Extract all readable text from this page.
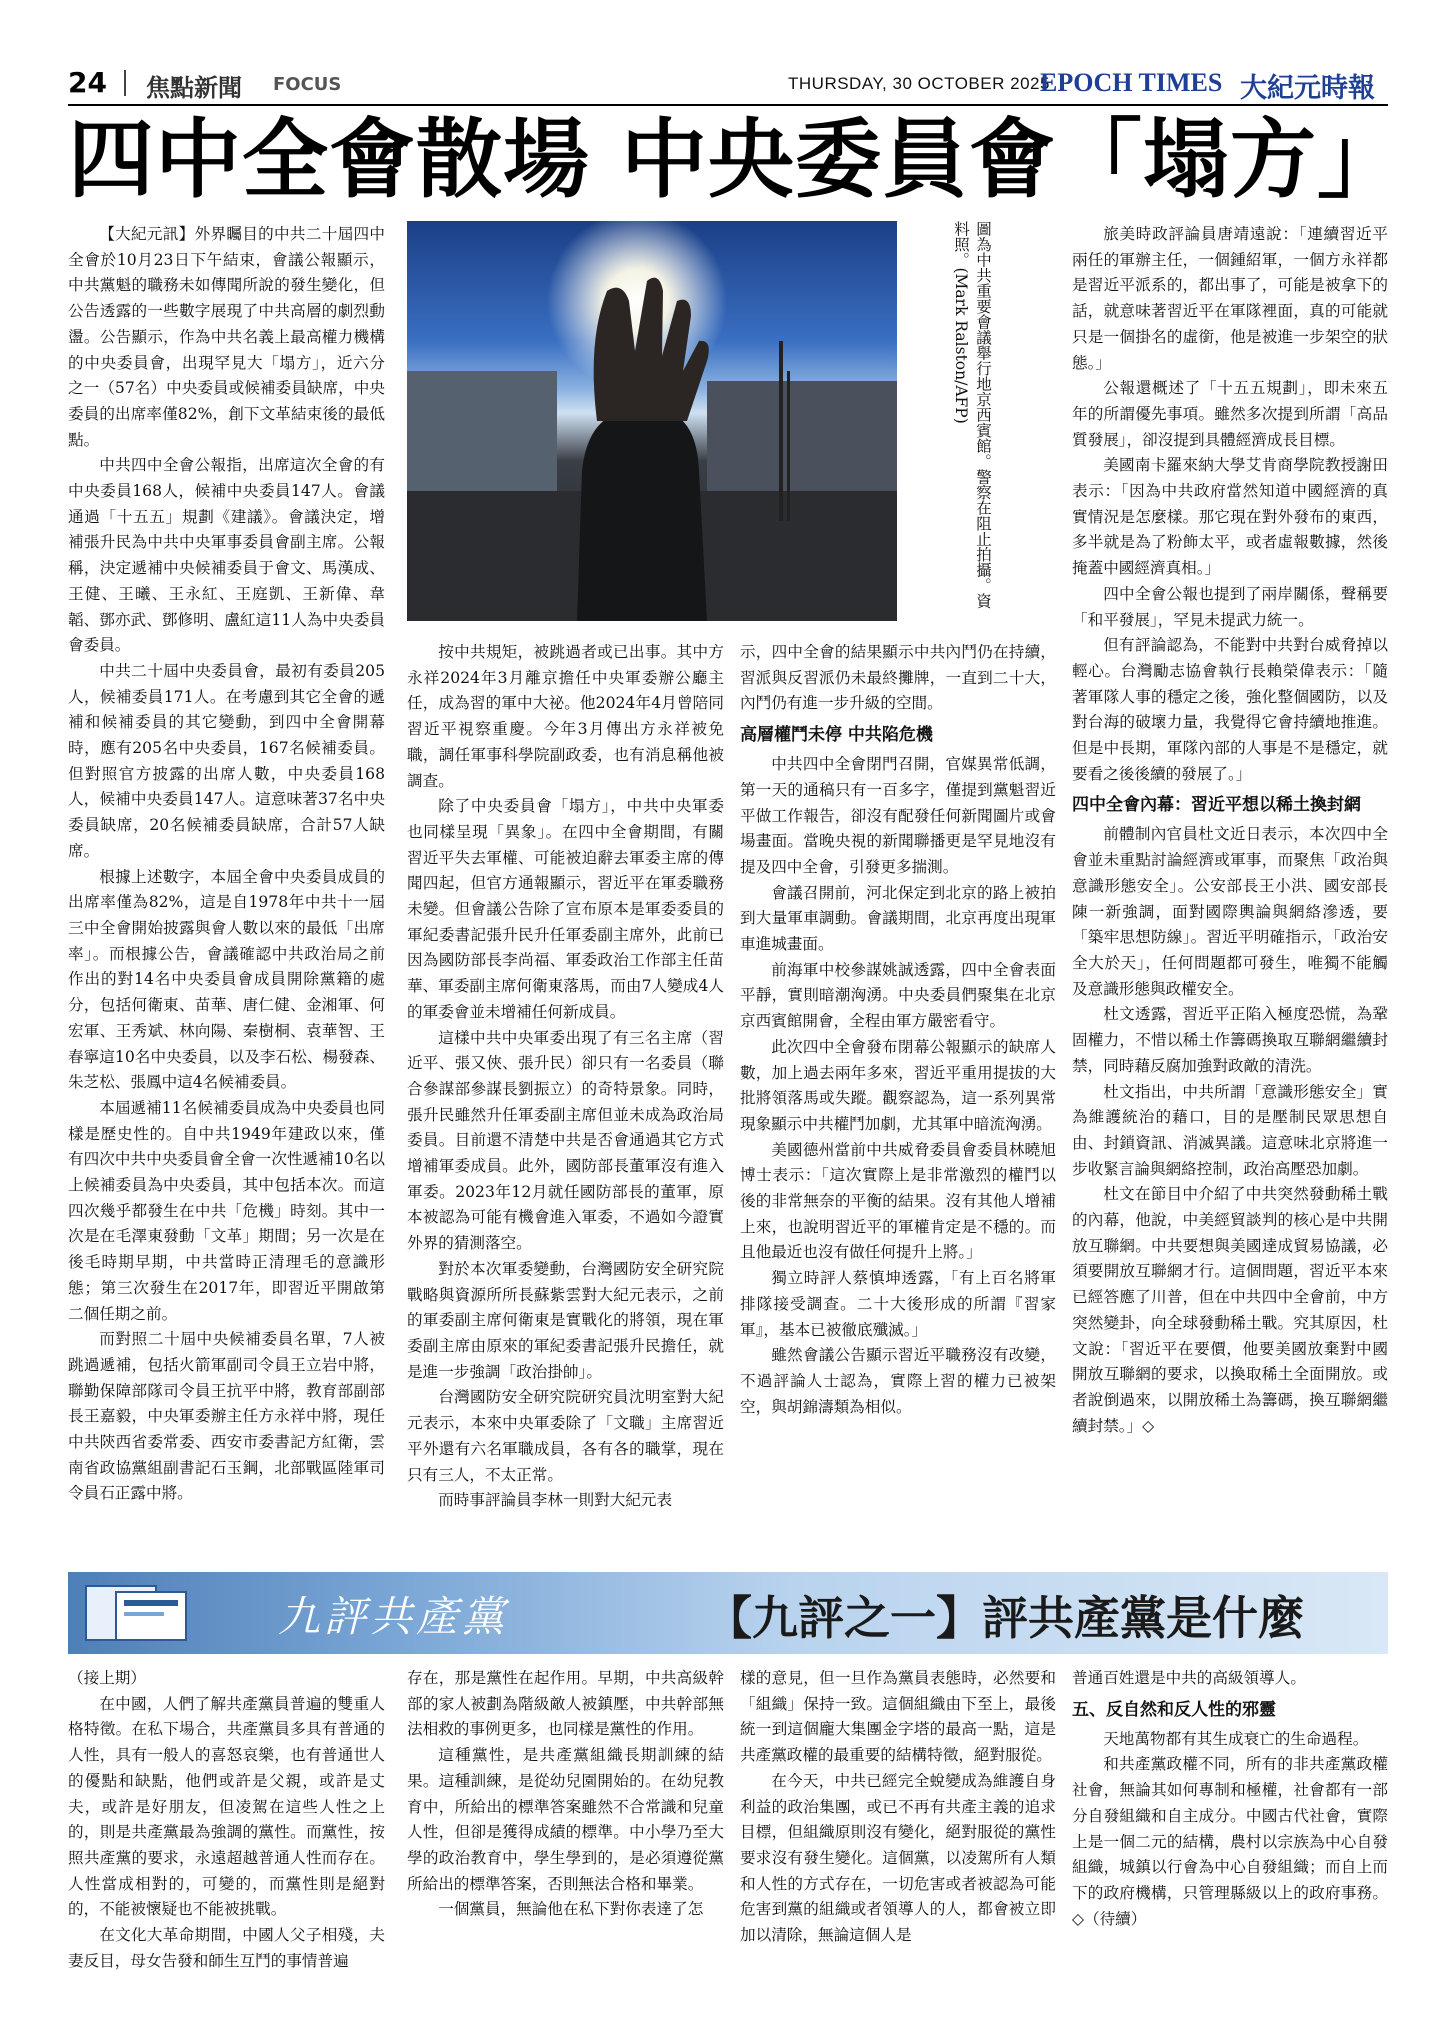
24 焦點新聞 FOCUS	THURSDAY, 30 OCTOBER 2025
EPOCH TIMES 大紀元時報
四中全會散場 中央委員會「塌方」

【大紀元訊】外界矚目的中共二十屆四中全會於10月23日下午結束，會議公報顯示，中共黨魁的職務未如傳聞所說的發生變化，但公告透露的一些數字展現了中共高層的劇烈動盪。公告顯示，作為中共名義上最高權力機構的中央委員會，出現罕見大「塌方」，近六分之一（57名）中央委員或候補委員缺席，中央委員的出席率僅82%，創下文革結束後的最低點。

中共四中全會公報指，出席這次全會的有中央委員168人，候補中央委員147人。會議通過「十五五」規劃《建議》。會議決定，增補張升民為中共中央軍事委員會副主席。公報稱，決定遞補中央候補委員于會文、馬漢成、王健、王曦、王永紅、王庭凱、王新偉、韋韜、鄧亦武、鄧修明、盧紅這11人為中央委員會委員。

中共二十屆中央委員會，最初有委員205人，候補委員171人。在考慮到其它全會的遞補和候補委員的其它變動，到四中全會開幕時，應有205名中央委員，167名候補委員。但對照官方披露的出席人數，中央委員168人，候補中央委員147人。這意味著37名中央委員缺席，20名候補委員缺席，合計57人缺席。

根據上述數字，本屆全會中央委員成員的出席率僅為82%，這是自1978年中共十一屆三中全會開始披露與會人數以來的最低「出席率」。而根據公告，會議確認中共政治局之前作出的對14名中央委員會成員開除黨籍的處分，包括何衛東、苗華、唐仁健、金湘軍、何宏軍、王秀斌、林向陽、秦樹桐、袁華智、王春寧這10名中央委員，以及李石松、楊發森、朱芝松、張鳳中這4名候補委員。

本屆遞補11名候補委員成為中央委員也同樣是歷史性的。自中共1949年建政以來，僅有四次中共中央委員會全會一次性遞補10名以上候補委員為中央委員，其中包括本次。而這四次幾乎都發生在中共「危機」時刻。其中一次是在毛澤東發動「文革」期間；另一次是在後毛時期早期，中共當時正清理毛的意識形態；第三次發生在2017年，即習近平開啟第二個任期之前。

而對照二十屆中央候補委員名單，7人被跳過遞補，包括火箭軍副司令員王立岩中將，聯勤保障部隊司令員王抗平中將，教育部副部長王嘉毅，中央軍委辦主任方永祥中將，現任中共陝西省委常委、西安市委書記方紅衛，雲南省政協黨組副書記石玉鋼，北部戰區陸軍司令員石正露中將。

圖為中共重要會議舉行地京西賓館。警察在阻止拍攝。資料照。(Mark Ralston/AFP)

按中共規矩，被跳過者或已出事。其中方永祥2024年3月離京擔任中央軍委辦公廳主任，成為習的軍中大祕。他2024年4月曾陪同習近平視察重慶。今年3月傳出方永祥被免職，調任軍事科學院副政委，也有消息稱他被調查。

除了中央委員會「塌方」，中共中央軍委也同樣呈現「異象」。在四中全會期間，有關習近平失去軍權、可能被迫辭去軍委主席的傳聞四起，但官方通報顯示，習近平在軍委職務未變。但會議公告除了宣布原本是軍委委員的軍紀委書記張升民升任軍委副主席外，此前已因為國防部長李尚福、軍委政治工作部主任苗華、軍委副主席何衛東落馬，而由7人變成4人的軍委會並未增補任何新成員。

這樣中共中央軍委出現了有三名主席（習近平、張又俠、張升民）卻只有一名委員（聯合參謀部參謀長劉振立）的奇特景象。同時，張升民雖然升任軍委副主席但並未成為政治局委員。目前還不清楚中共是否會通過其它方式增補軍委成員。此外，國防部長董軍沒有進入軍委。2023年12月就任國防部長的董軍，原本被認為可能有機會進入軍委，不過如今證實外界的猜測落空。

對於本次軍委變動，台灣國防安全研究院戰略與資源所所長蘇紫雲對大紀元表示，之前的軍委副主席何衛東是實戰化的將領，現在軍委副主席由原來的軍紀委書記張升民擔任，就是進一步強調「政治掛帥」。

台灣國防安全研究院研究員沈明室對大紀元表示，本來中央軍委除了「文職」主席習近平外還有六名軍職成員，各有各的職掌，現在只有三人，不太正常。

而時事評論員李林一則對大紀元表

示，四中全會的結果顯示中共內鬥仍在持續，習派與反習派仍未最終攤牌，一直到二十大，內鬥仍有進一步升級的空間。

高層權鬥未停 中共陷危機

中共四中全會閉門召開，官媒異常低調，第一天的通稿只有一百多字，僅提到黨魁習近平做工作報告，卻沒有配發任何新聞圖片或會場畫面。當晚央視的新聞聯播更是罕見地沒有提及四中全會，引發更多揣測。

會議召開前，河北保定到北京的路上被拍到大量軍車調動。會議期間，北京再度出現軍車進城畫面。

前海軍中校參謀姚誠透露，四中全會表面平靜，實則暗潮洶湧。中央委員們聚集在北京京西賓館開會，全程由軍方嚴密看守。

此次四中全會發布閉幕公報顯示的缺席人數，加上過去兩年多來，習近平重用提拔的大批將領落馬或失蹤。觀察認為，這一系列異常現象顯示中共權鬥加劇，尤其軍中暗流洶湧。

美國德州當前中共威脅委員會委員林曉旭博士表示：「這次實際上是非常激烈的權鬥以後的非常無奈的平衡的結果。沒有其他人增補上來，也說明習近平的軍權肯定是不穩的。而且他最近也沒有做任何提升上將。」

獨立時評人蔡慎坤透露，「有上百名將軍排隊接受調查。二十大後形成的所謂『習家軍』，基本已被徹底殲滅。」

雖然會議公告顯示習近平職務沒有改變，不過評論人士認為，實際上習的權力已被架空，與胡錦濤類為相似。

旅美時政評論員唐靖遠說：「連續習近平兩任的軍辦主任，一個鍾紹軍，一個方永祥都是習近平派系的，都出事了，可能是被拿下的話，就意味著習近平在軍隊裡面，真的可能就只是一個掛名的虛銜，他是被進一步架空的狀態。」

公報還概述了「十五五規劃」，即未來五年的所謂優先事項。雖然多次提到所謂「高品質發展」，卻沒提到具體經濟成長目標。

美國南卡羅來納大學艾肯商學院教授謝田表示：「因為中共政府當然知道中國經濟的真實情況是怎麼樣。那它現在對外發布的東西，多半就是為了粉飾太平，或者虛報數據，然後掩蓋中國經濟真相。」

四中全會公報也提到了兩岸關係，聲稱要「和平發展」，罕見未提武力統一。

但有評論認為，不能對中共對台威脅掉以輕心。台灣勵志協會執行長賴榮偉表示：「隨著軍隊人事的穩定之後，強化整個國防，以及對台海的破壞力量，我覺得它會持續地推進。但是中長期，軍隊內部的人事是不是穩定，就要看之後後續的發展了。」

四中全會內幕：習近平想以稀土換封網

前體制內官員杜文近日表示，本次四中全會並未重點討論經濟或軍事，而聚焦「政治與意識形態安全」。公安部長王小洪、國安部長陳一新強調，面對國際輿論與網絡滲透，要「築牢思想防線」。習近平明確指示，「政治安全大於天」，任何問題都可發生，唯獨不能觸及意識形態與政權安全。

杜文透露，習近平正陷入極度恐慌，為鞏固權力，不惜以稀土作籌碼換取互聯網繼續封禁，同時藉反腐加強對政敵的清洗。

杜文指出，中共所謂「意識形態安全」實為維護統治的藉口，目的是壓制民眾思想自由、封鎖資訊、消滅異議。這意味北京將進一步收緊言論與網絡控制，政治高壓恐加劇。

杜文在節目中介紹了中共突然發動稀土戰的內幕，他說，中美經貿談判的核心是中共開放互聯網。中共要想與美國達成貿易協議，必須要開放互聯網才行。這個問題，習近平本來已經答應了川普，但在中共四中全會前，中方突然變卦，向全球發動稀土戰。究其原因，杜文說：「習近平在要價，他要美國放棄對中國開放互聯網的要求，以換取稀土全面開放。或者說倒過來，以開放稀土為籌碼，換互聯網繼續封禁。」◇

九評共產黨	【九評之一】評共產黨是什麼

（接上期）

在中國，人們了解共產黨員普遍的雙重人格特徵。在私下場合，共產黨員多具有普通的人性，具有一般人的喜怒哀樂，也有普通世人的優點和缺點，他們或許是父親，或許是丈夫，或許是好朋友，但凌駕在這些人性之上的，則是共產黨最為強調的黨性。而黨性，按照共產黨的要求，永遠超越普通人性而存在。人性當成相對的，可變的，而黨性則是絕對的，不能被懷疑也不能被挑戰。

在文化大革命期間，中國人父子相殘，夫妻反目，母女告發和師生互鬥的事情普遍

存在，那是黨性在起作用。早期，中共高級幹部的家人被劃為階級敵人被鎮壓，中共幹部無法相救的事例更多，也同樣是黨性的作用。

這種黨性，是共產黨組織長期訓練的結果。這種訓練，是從幼兒園開始的。在幼兒教育中，所給出的標準答案雖然不合常識和兒童人性，但卻是獲得成績的標準。中小學乃至大學的政治教育中，學生學到的，是必須遵從黨所給出的標準答案，否則無法合格和畢業。

一個黨員，無論他在私下對你表達了怎

樣的意見，但一旦作為黨員表態時，必然要和「組織」保持一致。這個組織由下至上，最後統一到這個龐大集團金字塔的最高一點，這是共產黨政權的最重要的結構特徵，絕對服從。

在今天，中共已經完全蛻變成為維護自身利益的政治集團，或已不再有共產主義的追求目標，但組織原則沒有變化，絕對服從的黨性要求沒有發生變化。這個黨，以凌駕所有人類和人性的方式存在，一切危害或者被認為可能危害到黨的組織或者領導人的人，都會被立即加以清除，無論這個人是

普通百姓還是中共的高級領導人。

五、反自然和反人性的邪靈

天地萬物都有其生成衰亡的生命過程。

和共產黨政權不同，所有的非共產黨政權社會，無論其如何專制和極權，社會都有一部分自發組織和自主成分。中國古代社會，實際上是一個二元的結構，農村以宗族為中心自發組織，城鎮以行會為中心自發組織；而自上而下的政府機構，只管理縣級以上的政府事務。◇（待續）
